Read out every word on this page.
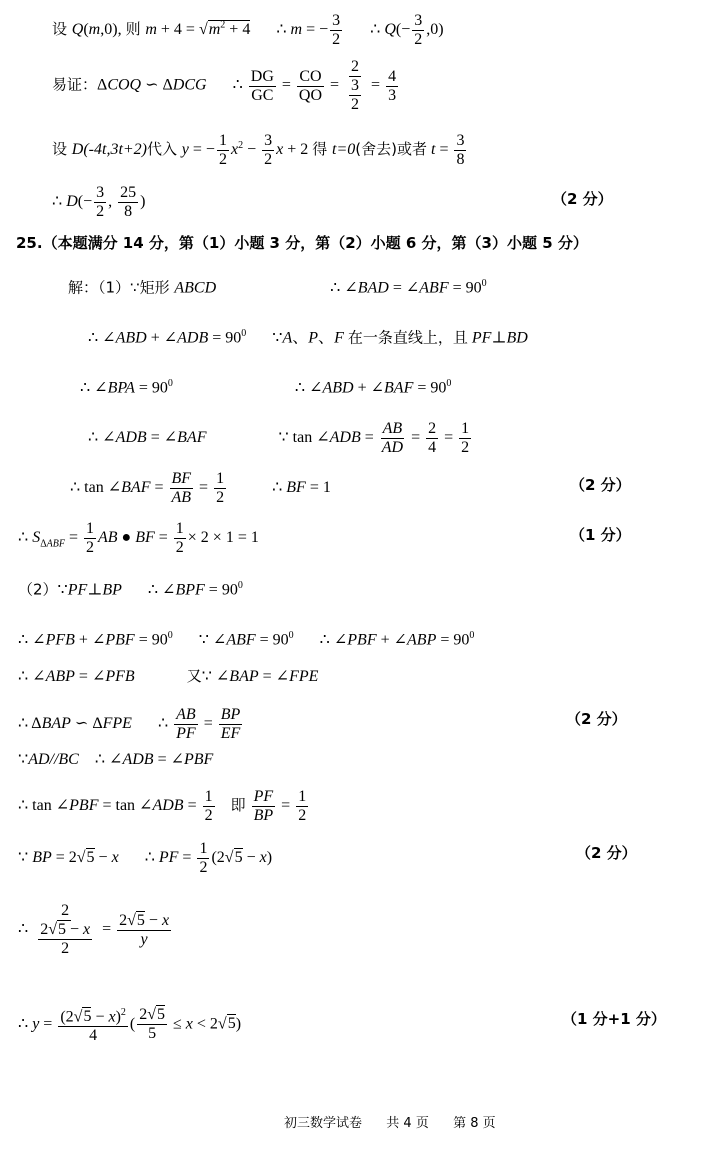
设 Q(m,0), 则 $m + 4 = √m^2 + 4$ ∴ m = − $\frac{3}{2}$ ∴ $Q(- \frac{3}{2} ,0)$
易证：ΔCOQ ∽ ΔDCG ∴ $\frac{DG}{GC} = \frac{CO}{QO} = \frac{2}{\frac{3}{2}} = \frac{4}{3}$
设 D(-4t,3t+2)代入 y = − $\frac{1}{2} x^2 - \frac{3}{2}$ x + 2 得 t=0(舍去)或者 $t = \frac{3}{8}$
∴ $D(- \frac{3}{2}$ , $\frac{25}{8}$ )	（2 分）
25.（本题满分 14 分，第（1）小题 3 分，第（2）小题 6 分，第（3）小题 5 分）
解：（1）∵矩形 ABCD	∴ ∠BAD = ∠ABF = $90^0$
∴ ∠ABD + ∠ADB = $90^0$ ∵A、P、F 在一条直线上，且 PF⊥BD
∴ ∠BPA = $90^0$	∴ ∠ABD + ∠BAF = $90^0$
∴ ∠ADB = ∠BAF	∵ tan ∠ADB = $\frac{AB}{AD} = \frac{2}{4} = \frac{1}{2}$
∴ tan ∠BAF = $\frac{BF}{AB} = \frac{1}{2}$	∴ BF = 1	（2 分）
∴ $S_{\Delta ABF} = \frac{1}{2}$ AB ● BF = $\frac{1}{2} \times 2 \times 1 = 1$	（1 分）
（2）∵PF⊥BP ∴ ∠BPF = $90^0$
∴ ∠PFB + ∠PBF = $90^0$ ∵ ∠ABF = $90^0$ ∴ ∠PBF + ∠ABP = $90^0$
∴ ∠ABP = ∠PFB	又∵ ∠BAP = ∠FPE
∴ ΔBAP ∽ ΔFPE ∴ $\frac{AB}{PF} = \frac{BP}{EF}$	（2 分）
∵AD//BC ∴ ∠ADB = ∠PBF
∴ tan ∠PBF = tan ∠ADB = $\frac{1}{2}$ 即 $\frac{PF}{BP} = \frac{1}{2}$
∵ BP = 2√5 − x ∴ PF = $\frac{1}{2} (2√5 - x)$	（2 分）
∴ $\frac{2}{\frac{2√5 - x}{2}} = \frac{2√5 - x}{y}$
∴ $y = \frac{(2√5 - x)^2}{4}$ ( $\frac{2√5}{5} \le x < 2√5$)	（1 分+1 分）
初三数学试卷 共 4 页 第 8 页
